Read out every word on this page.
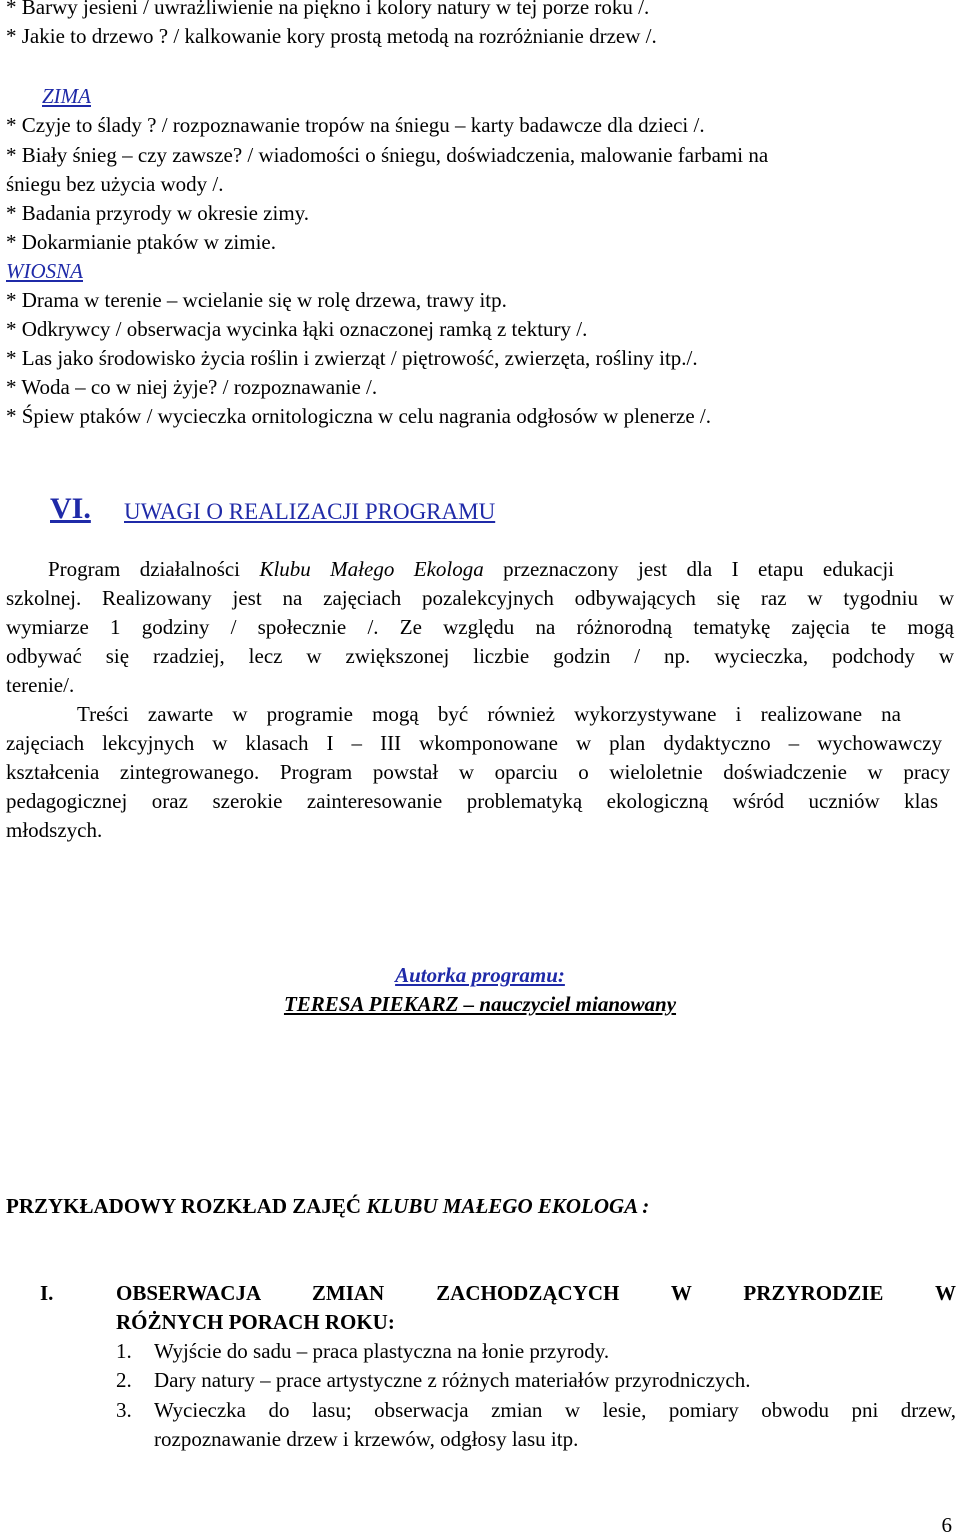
* Barwy jesieni / uwrażliwienie na piękno i kolory natury w tej porze roku /.
* Jakie to drzewo ? / kalkowanie kory prostą metodą na rozróżnianie drzew /.
ZIMA
* Czyje to ślady ? / rozpoznawanie tropów na śniegu – karty badawcze dla dzieci /.
* Biały śnieg – czy zawsze? / wiadomości o śniegu, doświadczenia, malowanie farbami na
śniegu bez użycia wody /.
* Badania przyrody w okresie zimy.
* Dokarmianie ptaków w zimie.
WIOSNA
* Drama w terenie – wcielanie się w rolę drzewa, trawy itp.
* Odkrywcy / obserwacja wycinka łąki oznaczonej ramką z tektury /.
* Las jako środowisko życia roślin i zwierząt / piętrowość, zwierzęta, rośliny itp./.
* Woda – co w niej żyje? / rozpoznawanie /.
* Śpiew ptaków / wycieczka ornitologiczna w celu nagrania odgłosów w plenerze /.
VI. UWAGI O REALIZACJI PROGRAMU
Program działalności Klubu Małego Ekologa przeznaczony jest dla I etapu edukacji
szkolnej. Realizowany jest na zajęciach pozalekcyjnych odbywających się raz w tygodniu w
wymiarze 1 godziny / społecznie /. Ze względu na różnorodną tematykę zajęcia te mogą
odbywać się rzadziej, lecz w zwiększonej liczbie godzin / np. wycieczka, podchody w
terenie/.
Treści zawarte w programie mogą być również wykorzystywane i realizowane na
zajęciach lekcyjnych w klasach I – III wkomponowane w plan dydaktyczno – wychowawczy
kształcenia zintegrowanego. Program powstał w oparciu o wieloletnie doświadczenie w pracy
pedagogicznej oraz szerokie zainteresowanie problematyką ekologiczną wśród uczniów klas
młodszych.
Autorka programu:
TERESA PIEKARZ – nauczyciel mianowany
PRZYKŁADOWY ROZKŁAD ZAJĘĆ KLUBU MAŁEGO EKOLOGA :
I.	OBSERWACJA ZMIAN ZACHODZĄCYCH W PRZYRODZIE W
RÓŻNYCH PORACH ROKU:
1. Wyjście do sadu – praca plastyczna na łonie przyrody.
2. Dary natury – prace artystyczne z różnych materiałów przyrodniczych.
3. Wycieczka do lasu; obserwacja zmian w lesie, pomiary obwodu pni drzew,
rozpoznawanie drzew i krzewów, odgłosy lasu itp.
6
